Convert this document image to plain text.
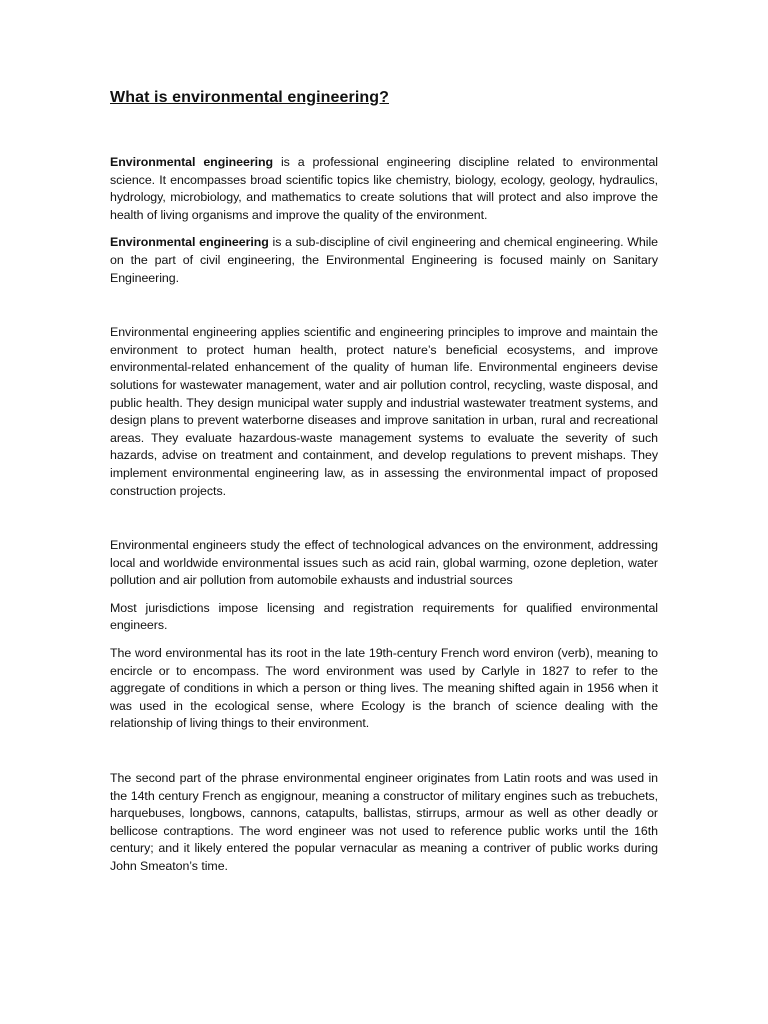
What is environmental engineering?

Environmental engineering is a professional engineering discipline related to environmental science. It encompasses broad scientific topics like chemistry, biology, ecology, geology, hydraulics, hydrology, microbiology, and mathematics to create solutions that will protect and also improve the health of living organisms and improve the quality of the environment.

Environmental engineering is a sub-discipline of civil engineering and chemical engineering. While on the part of civil engineering, the Environmental Engineering is focused mainly on Sanitary Engineering.

Environmental engineering applies scientific and engineering principles to improve and maintain the environment to protect human health, protect nature’s beneficial ecosystems, and improve environmental-related enhancement of the quality of human life. Environmental engineers devise solutions for wastewater management, water and air pollution control, recycling, waste disposal, and public health. They design municipal water supply and industrial wastewater treatment systems, and design plans to prevent waterborne diseases and improve sanitation in urban, rural and recreational areas. They evaluate hazardous-waste management systems to evaluate the severity of such hazards, advise on treatment and containment, and develop regulations to prevent mishaps. They implement environmental engineering law, as in assessing the environmental impact of proposed construction projects.

Environmental engineers study the effect of technological advances on the environment, addressing local and worldwide environmental issues such as acid rain, global warming, ozone depletion, water pollution and air pollution from automobile exhausts and industrial sources

Most jurisdictions impose licensing and registration requirements for qualified environmental engineers.

The word environmental has its root in the late 19th-century French word environ (verb), meaning to encircle or to encompass. The word environment was used by Carlyle in 1827 to refer to the aggregate of conditions in which a person or thing lives. The meaning shifted again in 1956 when it was used in the ecological sense, where Ecology is the branch of science dealing with the relationship of living things to their environment.

The second part of the phrase environmental engineer originates from Latin roots and was used in the 14th century French as engignour, meaning a constructor of military engines such as trebuchets, harquebuses, longbows, cannons, catapults, ballistas, stirrups, armour as well as other deadly or bellicose contraptions. The word engineer was not used to reference public works until the 16th century; and it likely entered the popular vernacular as meaning a contriver of public works during John Smeaton’s time.
